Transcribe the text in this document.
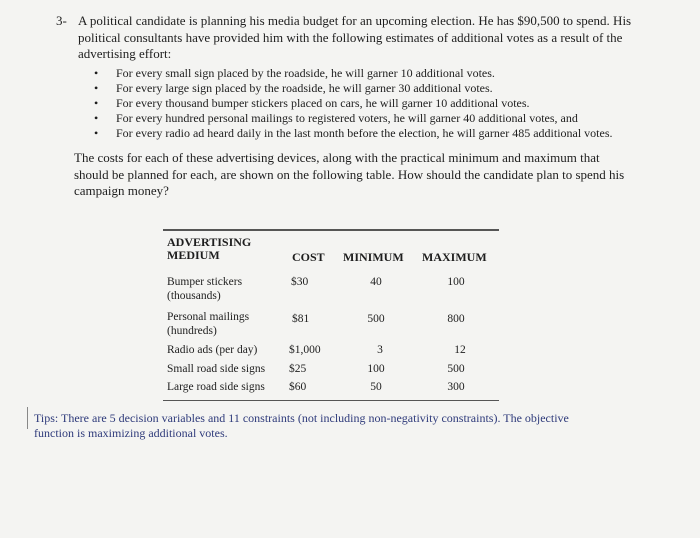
3- A political candidate is planning his media budget for an upcoming election. He has $90,500 to spend. His political consultants have provided him with the following estimates of additional votes as a result of the advertising effort:
• For every small sign placed by the roadside, he will garner 10 additional votes.
• For every large sign placed by the roadside, he will garner 30 additional votes.
• For every thousand bumper stickers placed on cars, he will garner 10 additional votes.
• For every hundred personal mailings to registered voters, he will garner 40 additional votes, and
• For every radio ad heard daily in the last month before the election, he will garner 485 additional votes.
The costs for each of these advertising devices, along with the practical minimum and maximum that should be planned for each, are shown on the following table. How should the candidate plan to spend his campaign money?
ADVERTISING
MEDIUM	COST MINIMUM MAXIMUM
Bumper stickers
(thousands)
$30	40	100
Personal mailings
(hundreds)
$81	500	800
Radio ads (per day)	$1,000	3	12
Small road side signs $25	100	500
Large road side signs $60	50	300
Tips: There are 5 decision variables and 11 constraints (not including non-negativity constraints). The objective function is maximizing additional votes.
